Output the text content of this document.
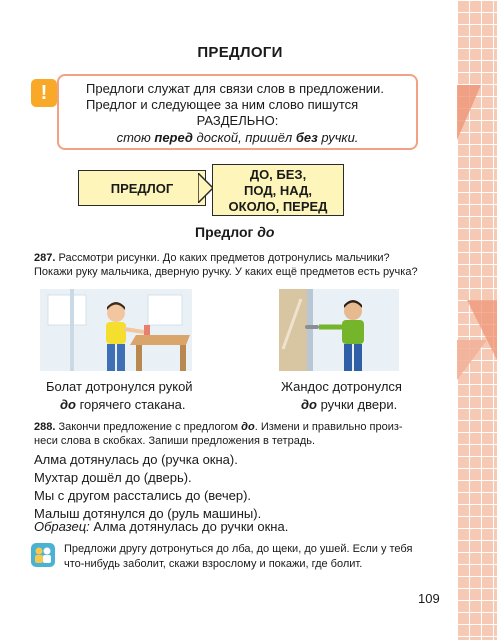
ПРЕДЛОГИ
!	Предлоги служат для связи слов в предложении.
Предлог и следующее за ним слово пишутся
РАЗДЕЛЬНО:
стою перед доской, пришёл без ручки.
ПРЕДЛОГ
ДО, БЕЗ,
ПОД, НАД,
ОКОЛО, ПЕРЕД
Предлог до
287. Рассмотри рисунки. До каких предметов дотронулись мальчики?
Покажи руку мальчика, дверную ручку. У каких ещё предметов есть ручка?
Болат дотронулся рукой
до горячего стакана.
Жандос дотронулся
до ручки двери.
288. Закончи предложение с предлогом до. Измени и правильно произ-
неси слова в скобках. Запиши предложения в тетрадь.
Алма дотянулась до (ручка окна).
Мухтар дошёл до (дверь).
Мы с другом расстались до (вечер).
Малыш дотянулся до (руль машины).
Образец: Алма дотянулась до ручки окна.
Предложи другу дотронуться до лба, до щеки, до ушей. Если у тебя
что-нибудь заболит, скажи взрослому и покажи, где болит.
109
